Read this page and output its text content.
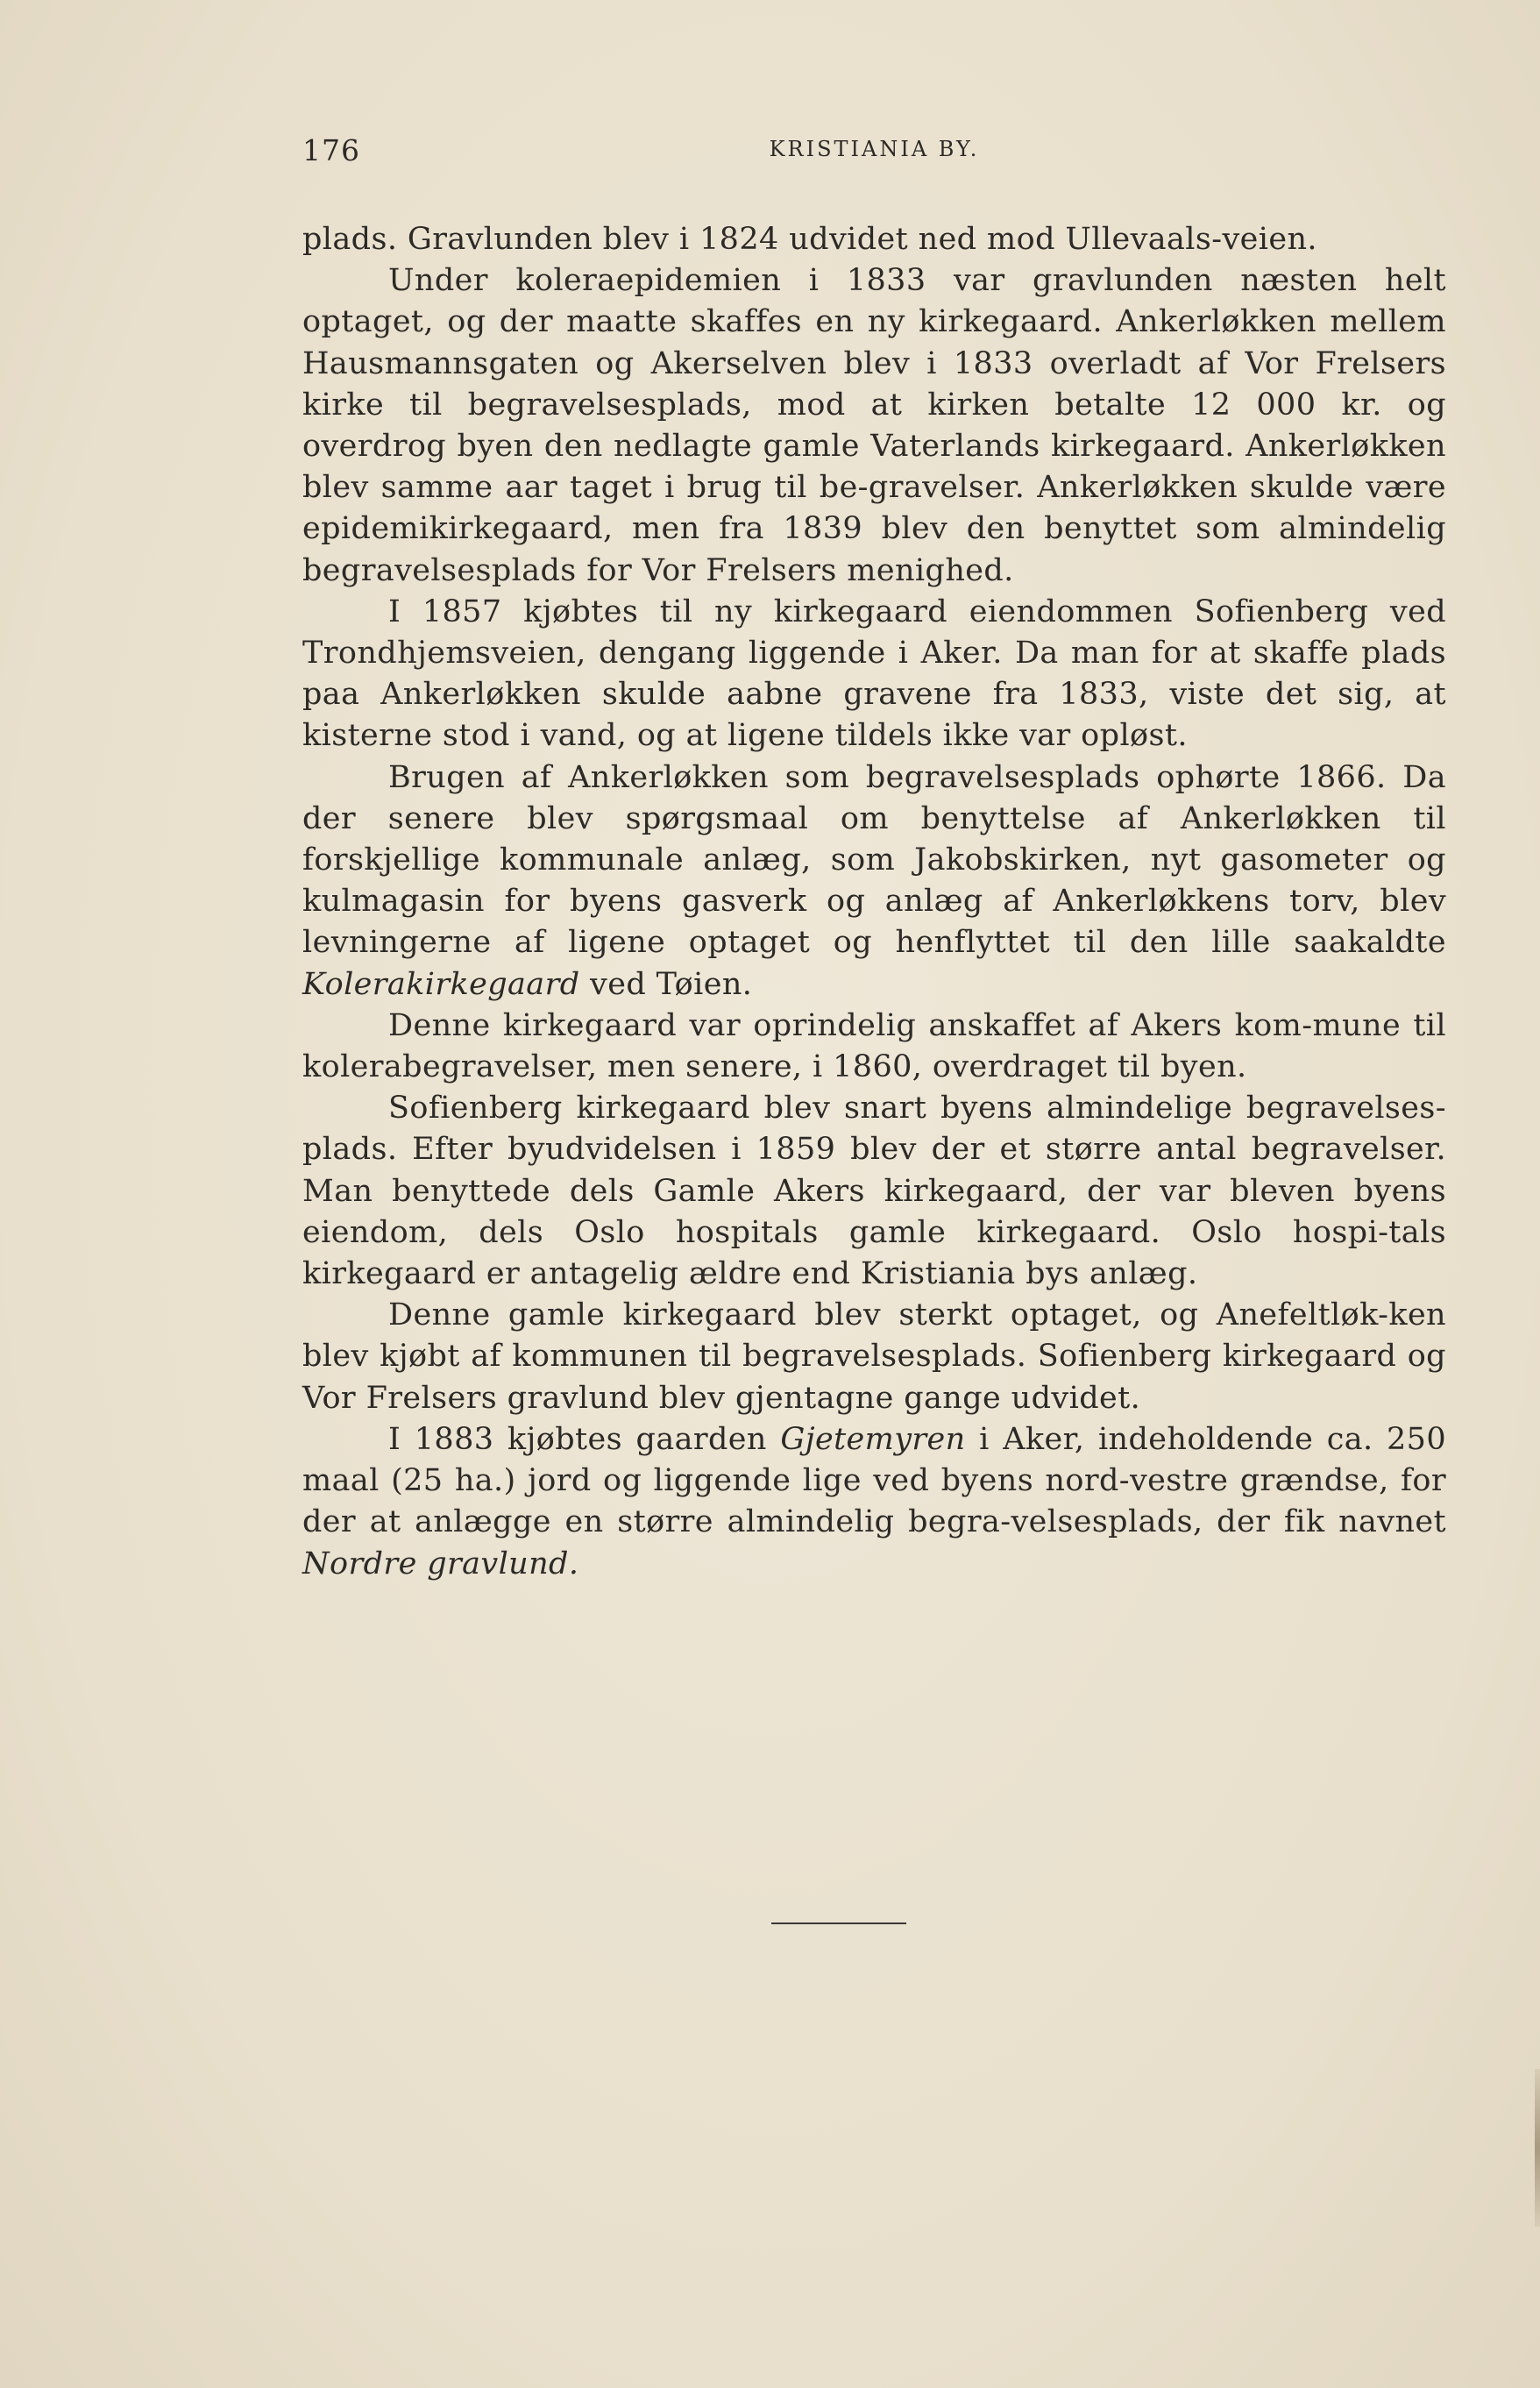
176	KRISTIANIA BY.

plads. Gravlunden blev i 1824 udvidet ned mod Ullevaals-veien.

Under koleraepidemien i 1833 var gravlunden næsten helt optaget, og der maatte skaffes en ny kirkegaard. Ankerløkken mellem Hausmannsgaten og Akerselven blev i 1833 overladt af Vor Frelsers kirke til begravelsesplads, mod at kirken betalte 12 000 kr. og overdrog byen den nedlagte gamle Vaterlands kirkegaard. Ankerløkken blev samme aar taget i brug til be-gravelser. Ankerløkken skulde være epidemikirkegaard, men fra 1839 blev den benyttet som almindelig begravelsesplads for Vor Frelsers menighed.

I 1857 kjøbtes til ny kirkegaard eiendommen Sofienberg ved Trondhjemsveien, dengang liggende i Aker. Da man for at skaffe plads paa Ankerløkken skulde aabne gravene fra 1833, viste det sig, at kisterne stod i vand, og at ligene tildels ikke var opløst.

Brugen af Ankerløkken som begravelsesplads ophørte 1866. Da der senere blev spørgsmaal om benyttelse af Ankerløkken til forskjellige kommunale anlæg, som Jakobskirken, nyt gasometer og kulmagasin for byens gasverk og anlæg af Ankerløkkens torv, blev levningerne af ligene optaget og henflyttet til den lille saakaldte Kolerakirkegaard ved Tøien.

Denne kirkegaard var oprindelig anskaffet af Akers kom-mune til kolerabegravelser, men senere, i 1860, overdraget til byen.

Sofienberg kirkegaard blev snart byens almindelige begravelses-plads. Efter byudvidelsen i 1859 blev der et større antal begravelser. Man benyttede dels Gamle Akers kirkegaard, der var bleven byens eiendom, dels Oslo hospitals gamle kirkegaard. Oslo hospi-tals kirkegaard er antagelig ældre end Kristiania bys anlæg.

Denne gamle kirkegaard blev sterkt optaget, og Anefeltløk-ken blev kjøbt af kommunen til begravelsesplads. Sofienberg kirkegaard og Vor Frelsers gravlund blev gjentagne gange udvidet.

I 1883 kjøbtes gaarden Gjetemyren i Aker, indeholdende ca. 250 maal (25 ha.) jord og liggende lige ved byens nord-vestre grændse, for der at anlægge en større almindelig begra-velsesplads, der fik navnet Nordre gravlund.
